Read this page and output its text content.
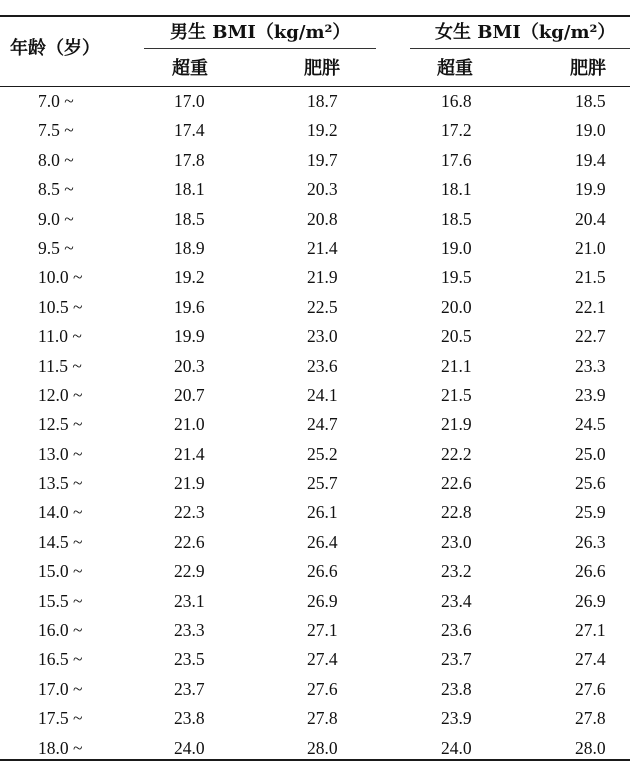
年龄（岁）
男生 BMI（kg/m²）	女生 BMI（kg/m²）
超重	肥胖	超重	肥胖
7.0 ~	17.0	18.7	16.8	18.5
7.5 ~	17.4	19.2	17.2	19.0
8.0 ~	17.8	19.7	17.6	19.4
8.5 ~	18.1	20.3	18.1	19.9
9.0 ~	18.5	20.8	18.5	20.4
9.5 ~	18.9	21.4	19.0	21.0
10.0 ~	19.2	21.9	19.5	21.5
10.5 ~	19.6	22.5	20.0	22.1
11.0 ~	19.9	23.0	20.5	22.7
11.5 ~	20.3	23.6	21.1	23.3
12.0 ~	20.7	24.1	21.5	23.9
12.5 ~	21.0	24.7	21.9	24.5
13.0 ~	21.4	25.2	22.2	25.0
13.5 ~	21.9	25.7	22.6	25.6
14.0 ~	22.3	26.1	22.8	25.9
14.5 ~	22.6	26.4	23.0	26.3
15.0 ~	22.9	26.6	23.2	26.6
15.5 ~	23.1	26.9	23.4	26.9
16.0 ~	23.3	27.1	23.6	27.1
16.5 ~	23.5	27.4	23.7	27.4
17.0 ~	23.7	27.6	23.8	27.6
17.5 ~	23.8	27.8	23.9	27.8
18.0 ~	24.0	28.0	24.0	28.0
